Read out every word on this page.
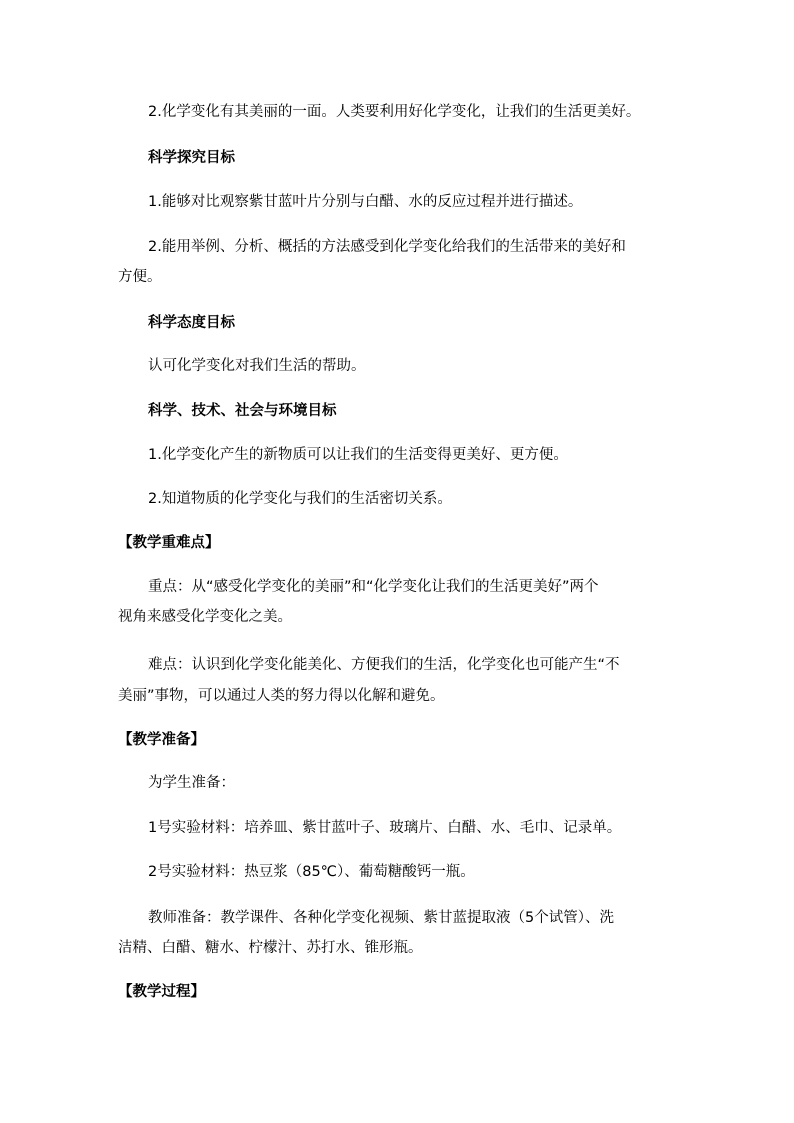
2.化学变化有其美丽的一面。人类要利用好化学变化，让我们的生活更美好。
科学探究目标
1.能够对比观察紫甘蓝叶片分别与白醋、水的反应过程并进行描述。
2.能用举例、分析、概括的方法感受到化学变化给我们的生活带来的美好和
方便。
科学态度目标
认可化学变化对我们生活的帮助。
科学、技术、社会与环境目标
1.化学变化产生的新物质可以让我们的生活变得更美好、更方便。
2.知道物质的化学变化与我们的生活密切关系。
【教学重难点】
重点：从“感受化学变化的美丽”和“化学变化让我们的生活更美好”两个
视角来感受化学变化之美。
难点：认识到化学变化能美化、方便我们的生活，化学变化也可能产生“不
美丽”事物，可以通过人类的努力得以化解和避免。
【教学准备】
为学生准备：
1号实验材料：培养皿、紫甘蓝叶子、玻璃片、白醋、水、毛巾、记录单。
2号实验材料：热豆浆（85℃）、葡萄糖酸钙一瓶。
教师准备：教学课件、各种化学变化视频、紫甘蓝提取液（5个试管）、洗
洁精、白醋、糖水、柠檬汁、苏打水、锥形瓶。
【教学过程】
